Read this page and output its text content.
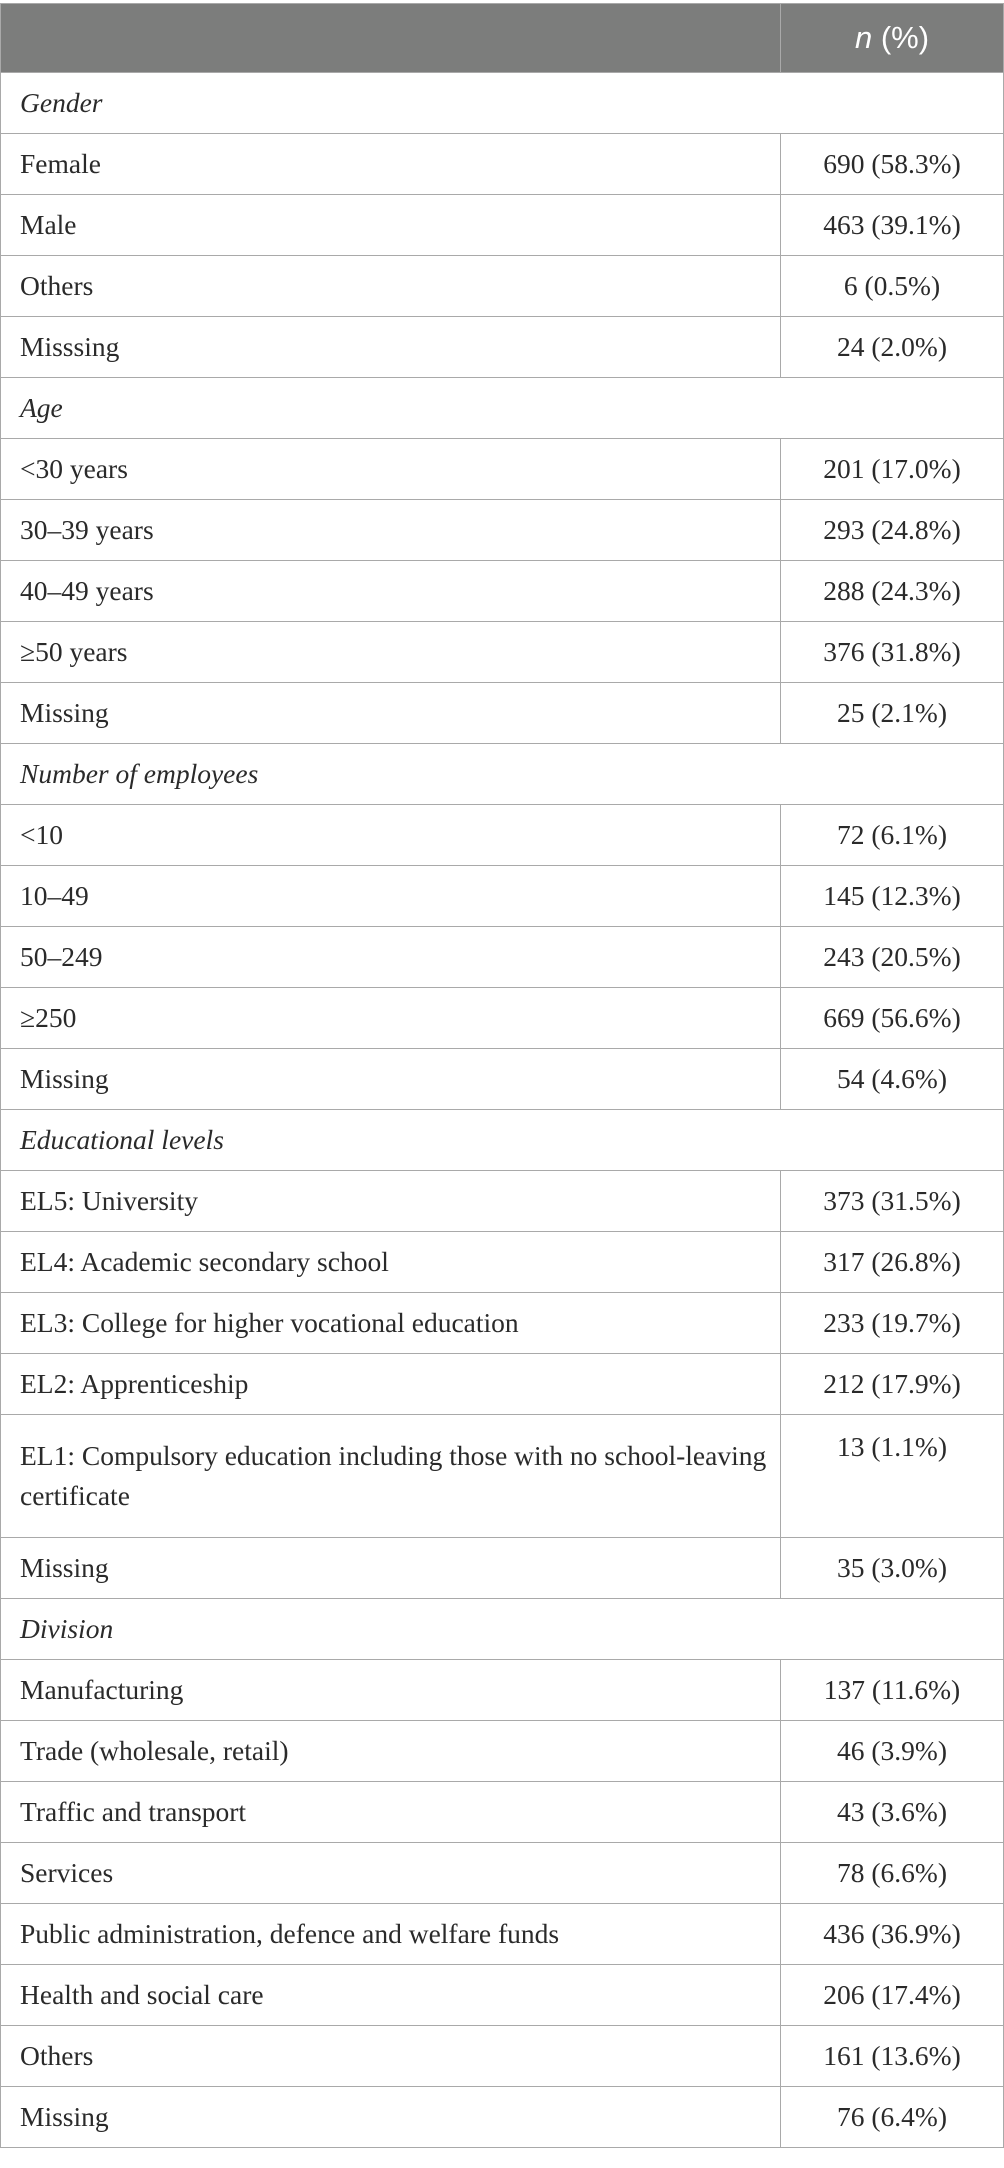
	n (%)
Gender	
Female	690 (58.3%)
Male	463 (39.1%)
Others	6 (0.5%)
Misssing	24 (2.0%)
Age	
<30 years	201 (17.0%)
30–39 years	293 (24.8%)
40–49 years	288 (24.3%)
≥50 years	376 (31.8%)
Missing	25 (2.1%)
Number of employees	
<10	72 (6.1%)
10–49	145 (12.3%)
50–249	243 (20.5%)
≥250	669 (56.6%)
Missing	54 (4.6%)
Educational levels	
EL5: University	373 (31.5%)
EL4: Academic secondary school	317 (26.8%)
EL3: College for higher vocational education	233 (19.7%)
EL2: Apprenticeship	212 (17.9%)
EL1: Compulsory education including those with no school-leaving certificate	13 (1.1%)
Missing	35 (3.0%)
Division	
Manufacturing	137 (11.6%)
Trade (wholesale, retail)	46 (3.9%)
Traffic and transport	43 (3.6%)
Services	78 (6.6%)
Public administration, defence and welfare funds	436 (36.9%)
Health and social care	206 (17.4%)
Others	161 (13.6%)
Missing	76 (6.4%)
